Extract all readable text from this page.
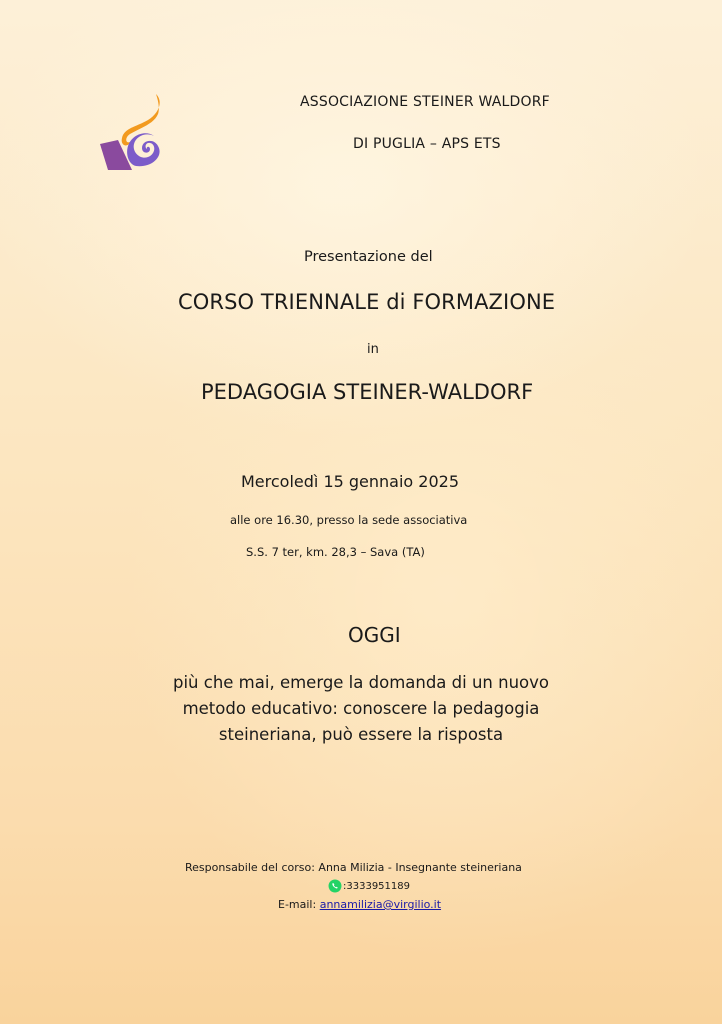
ASSOCIAZIONE STEINER WALDORF
DI PUGLIA – APS ETS
Presentazione del
CORSO TRIENNALE di FORMAZIONE
in
PEDAGOGIA STEINER-WALDORF
Mercoledì 15 gennaio 2025
alle ore 16.30, presso la sede associativa
S.S. 7 ter, km. 28,3 – Sava (TA)
OGGI
più che mai, emerge la domanda di un nuovo metodo educativo: conoscere la pedagogia steineriana, può essere la risposta
Responsabile del corso: Anna Milizia - Insegnante steineriana
:3333951189
E-mail: annamilizia@virgilio.it
